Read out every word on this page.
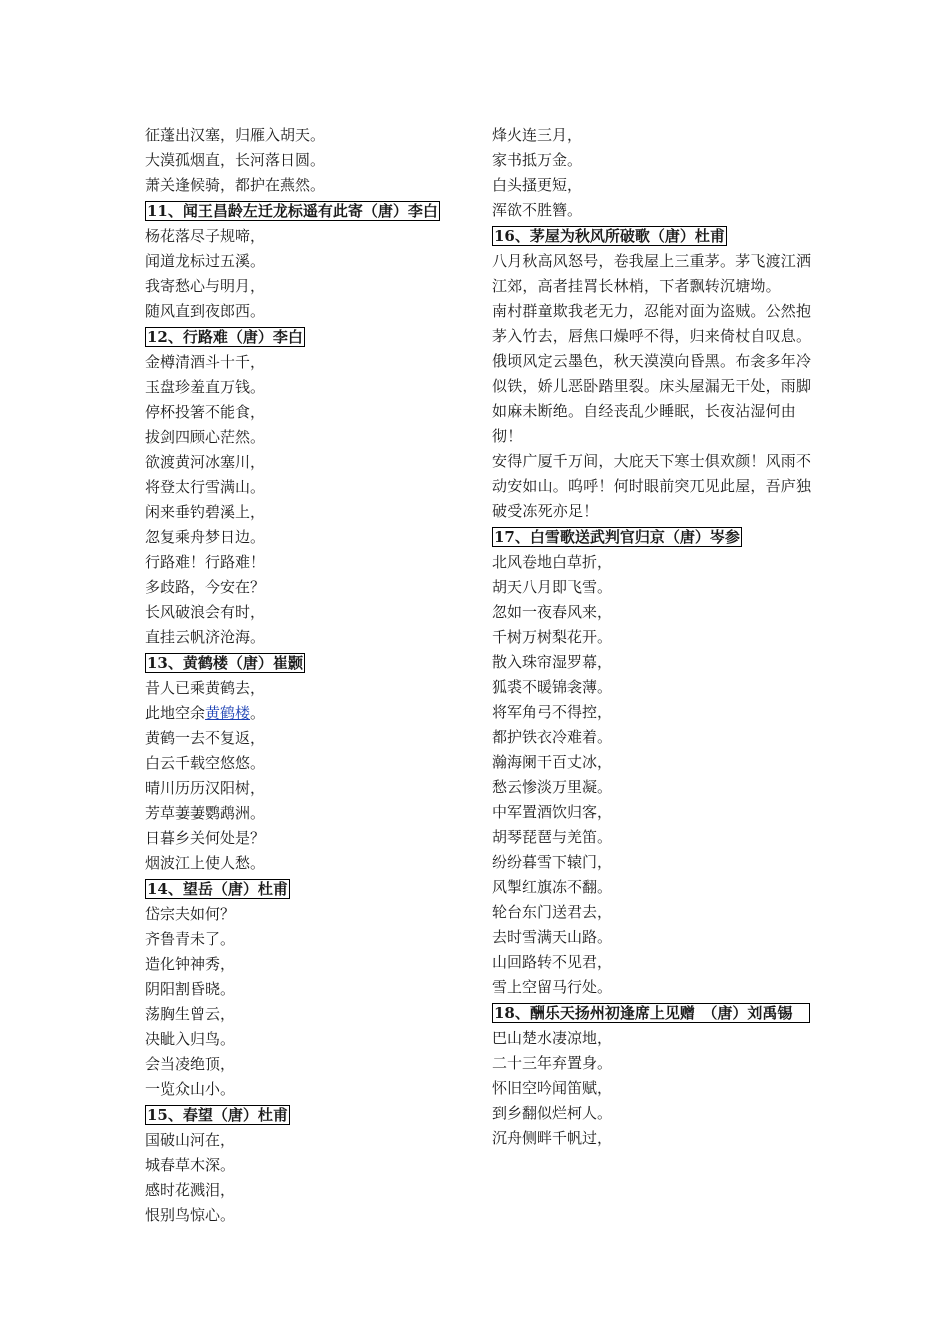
征蓬出汉塞，归雁入胡天。
大漠孤烟直，长河落日圆。
萧关逢候骑，都护在燕然。
11、闻王昌龄左迁龙标遥有此寄（唐）李白
杨花落尽子规啼，
闻道龙标过五溪。
我寄愁心与明月，
随风直到夜郎西。
12、行路难（唐）李白
金樽清酒斗十千，
玉盘珍羞直万钱。
停杯投箸不能食，
拔剑四顾心茫然。
欲渡黄河冰塞川，
将登太行雪满山。
闲来垂钓碧溪上，
忽复乘舟梦日边。
行路难！行路难！
多歧路，今安在？
长风破浪会有时，
直挂云帆济沧海。
13、黄鹤楼（唐）崔颢
昔人已乘黄鹤去，
此地空余黄鹤楼。
黄鹤一去不复返，
白云千载空悠悠。
晴川历历汉阳树，
芳草萋萋鹦鹉洲。
日暮乡关何处是？
烟波江上使人愁。
14、望岳（唐）杜甫
岱宗夫如何？
齐鲁青未了。
造化钟神秀，
阴阳割昏晓。
荡胸生曾云，
决眦入归鸟。
会当凌绝顶，
一览众山小。
15、春望（唐）杜甫
国破山河在，
城春草木深。
感时花溅泪，
恨别鸟惊心。
烽火连三月，
家书抵万金。
白头搔更短，
浑欲不胜簪。
16、茅屋为秋风所破歌（唐）杜甫
八月秋高风怒号，卷我屋上三重茅。茅飞渡江洒江郊，高者挂罥长林梢，下者飘转沉塘坳。
南村群童欺我老无力，忍能对面为盗贼。公然抱茅入竹去，唇焦口燥呼不得，归来倚杖自叹息。
俄顷风定云墨色，秋天漠漠向昏黑。布衾多年冷似铁，娇儿恶卧踏里裂。床头屋漏无干处，雨脚如麻未断绝。自经丧乱少睡眠，长夜沾湿何由彻！
安得广厦千万间，大庇天下寒士俱欢颜！风雨不动安如山。呜呼！何时眼前突兀见此屋，吾庐独破受冻死亦足！
17、白雪歌送武判官归京（唐）岑参
北风卷地白草折，
胡天八月即飞雪。
忽如一夜春风来，
千树万树梨花开。
散入珠帘湿罗幕，
狐裘不暖锦衾薄。
将军角弓不得控，
都护铁衣冷难着。
瀚海阑干百丈冰，
愁云惨淡万里凝。
中军置酒饮归客，
胡琴琵琶与羌笛。
纷纷暮雪下辕门，
风掣红旗冻不翻。
轮台东门送君去，
去时雪满天山路。
山回路转不见君，
雪上空留马行处。
18、酬乐天扬州初逢席上见赠　（唐）刘禹锡
巴山楚水凄凉地，
二十三年弃置身。
怀旧空吟闻笛赋，
到乡翻似烂柯人。
沉舟侧畔千帆过，
